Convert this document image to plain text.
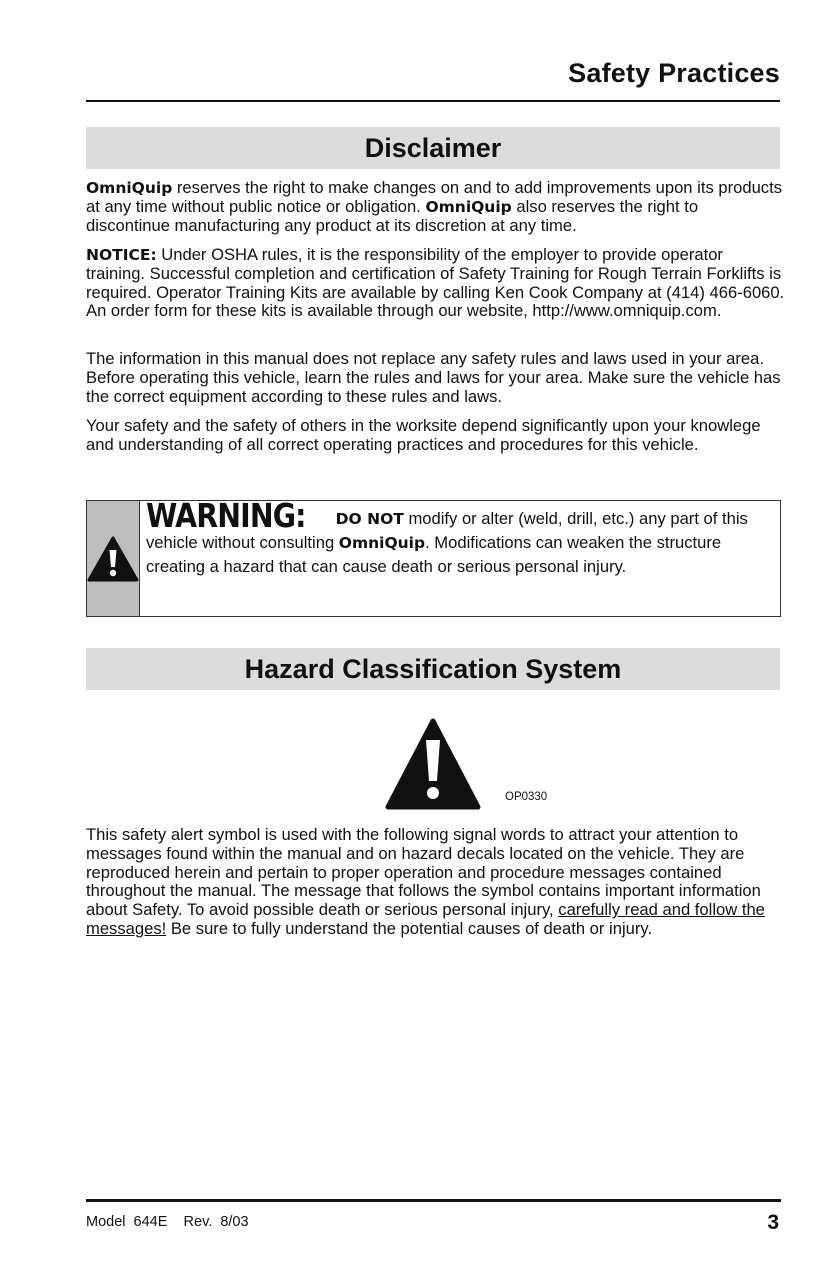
Safety Practices
Disclaimer

OmniQuip reserves the right to make changes on and to add improvements upon its products at any time without public notice or obligation. OmniQuip also reserves the right to discontinue manufacturing any product at its discretion at any time.

NOTICE: Under OSHA rules, it is the responsibility of the employer to provide operator training. Successful completion and certification of Safety Training for Rough Terrain Forklifts is required. Operator Training Kits are available by calling Ken Cook Company at (414) 466-6060. An order form for these kits is available through our website, http://www.omniquip.com.

The information in this manual does not replace any safety rules and laws used in your area. Before operating this vehicle, learn the rules and laws for your area. Make sure the vehicle has the correct equipment according to these rules and laws.

Your safety and the safety of others in the worksite depend significantly upon your knowlege and understanding of all correct operating practices and procedures for this vehicle.

WARNING: DO NOT modify or alter (weld, drill, etc.) any part of this vehicle without consulting OmniQuip. Modifications can weaken the structure creating a hazard that can cause death or serious personal injury.
Hazard Classification System
OP0330

This safety alert symbol is used with the following signal words to attract your attention to messages found within the manual and on hazard decals located on the vehicle. They are reproduced herein and pertain to proper operation and procedure messages contained throughout the manual. The message that follows the symbol contains important information about Safety. To avoid possible death or serious personal injury, carefully read and follow the messages! Be sure to fully understand the potential causes of death or injury.

Model  644E    Rev.  8/03	3
